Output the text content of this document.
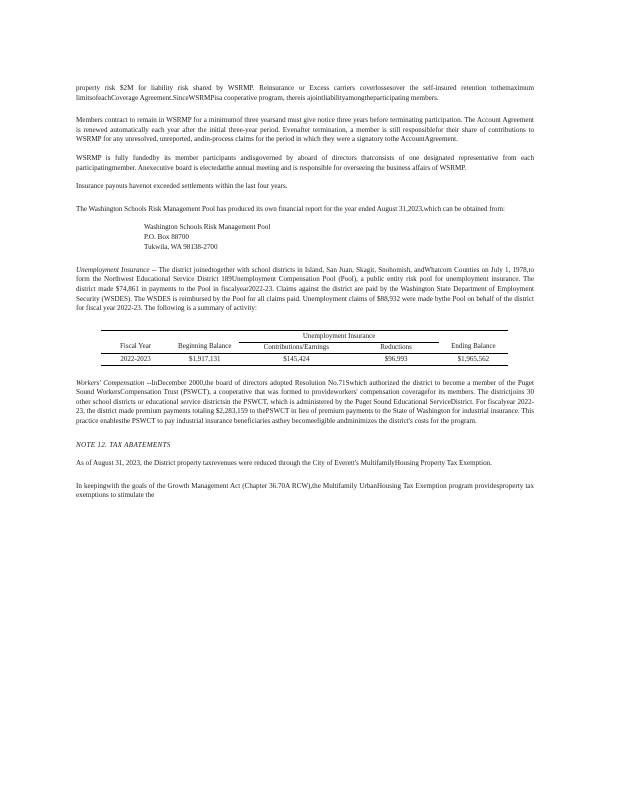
property risk $2M for liability risk shared by WSRMP. Reinsurance or Excess carriers coverlossesover the self-insured retention tothemaximum limitsofeachCoverage Agreement.SinceWSRMPisa cooperative program, thereis ajointliabilityamongtheparticipating members.

Members contract to remain in WSRMP for a minimumof three yearsand must give notice three years before terminating participation. The Account Agreement is renewed automatically each year after the initial three-year period. Evenafter termination, a member is still responsiblefor their share of contributions to WSRMP for any unresolved, unreported, andin-process claims for the period in which they were a signatory tothe AccountAgreement.

WSRMP is fully fundedby its member participants andisgoverned by aboard of directors thatconsists of one designated representative from each participatingmember. Anexecutive board is electedatthe annual meeting and is responsible for overseeing the business affairs of WSRMP.

Insurance payouts havenot exceeded settlements within the last four years.

The Washington Schools Risk Management Pool has produced its own financial report for the year ended August 31,2023,which can be obtained from:

Washington Schools Risk Management Pool
P.O. Box 88700
Tukwila, WA 98138-2700

Unemployment Insurance -- The district joinedtogether with school districts in Island, San Juan, Skagit, Snohomish, andWhatcom Counties on July 1, 1978,to form the Northwest Educational Service District 189Unemployment Compensation Pool (Pool), a public entity risk pool for unemployment insurance. The district made $74,861 in payments to the Pool in fiscalyear2022-23. Claims against the district are paid by the Washington State Department of Employment Security (WSDES). The WSDES is reimbursed by the Pool for all claims paid. Unemployment claims of $88,932 were made bythe Pool on behalf of the district for fiscal year 2022-23. The following is a summary of activity:

		Unemployment Insurance		
Fiscal Year	Beginning Balance	Contributions/Earnings	Reductions	Ending Balance
2022-2023	$1,917,131	$145,424	$96,993	$1,965,562

Workers' Compensation --InDecember 2000,the board of directors adopted Resolution No.71Swhich authorized the district to become a member of the Puget Sound WorkersCompensation Trust (PSWCT), a cooperative that was formed to provideworkers' compensation coveragefor its members. The districtjoins 30 other school districts or educational service districtsin the PSWCT, which is administered by the Puget Sound Educational ServiceDistrict. For fiscalyear 2022-23, the district made premium payments totaling $2,283,159 to thePSWCT in lieu of premium payments to the State of Washington for industrial insurance. This practice enablesthe PSWCT to pay industrial insurance beneficiaries asthey becomeeligible andminimizes the district's costs for the program.

NOTE 12. TAX ABATEMENTS

As of August 31, 2023, the District property taxrevenues were reduced through the City of Everett's MultifamilyHousing Property Tax Exemption.

In keepingwith the goals of the Growth Management Act (Chapter 36.70A RCW),the Multifamily UrbanHousing Tax Exemption program providesproperty tax exemptions to stimulate the
